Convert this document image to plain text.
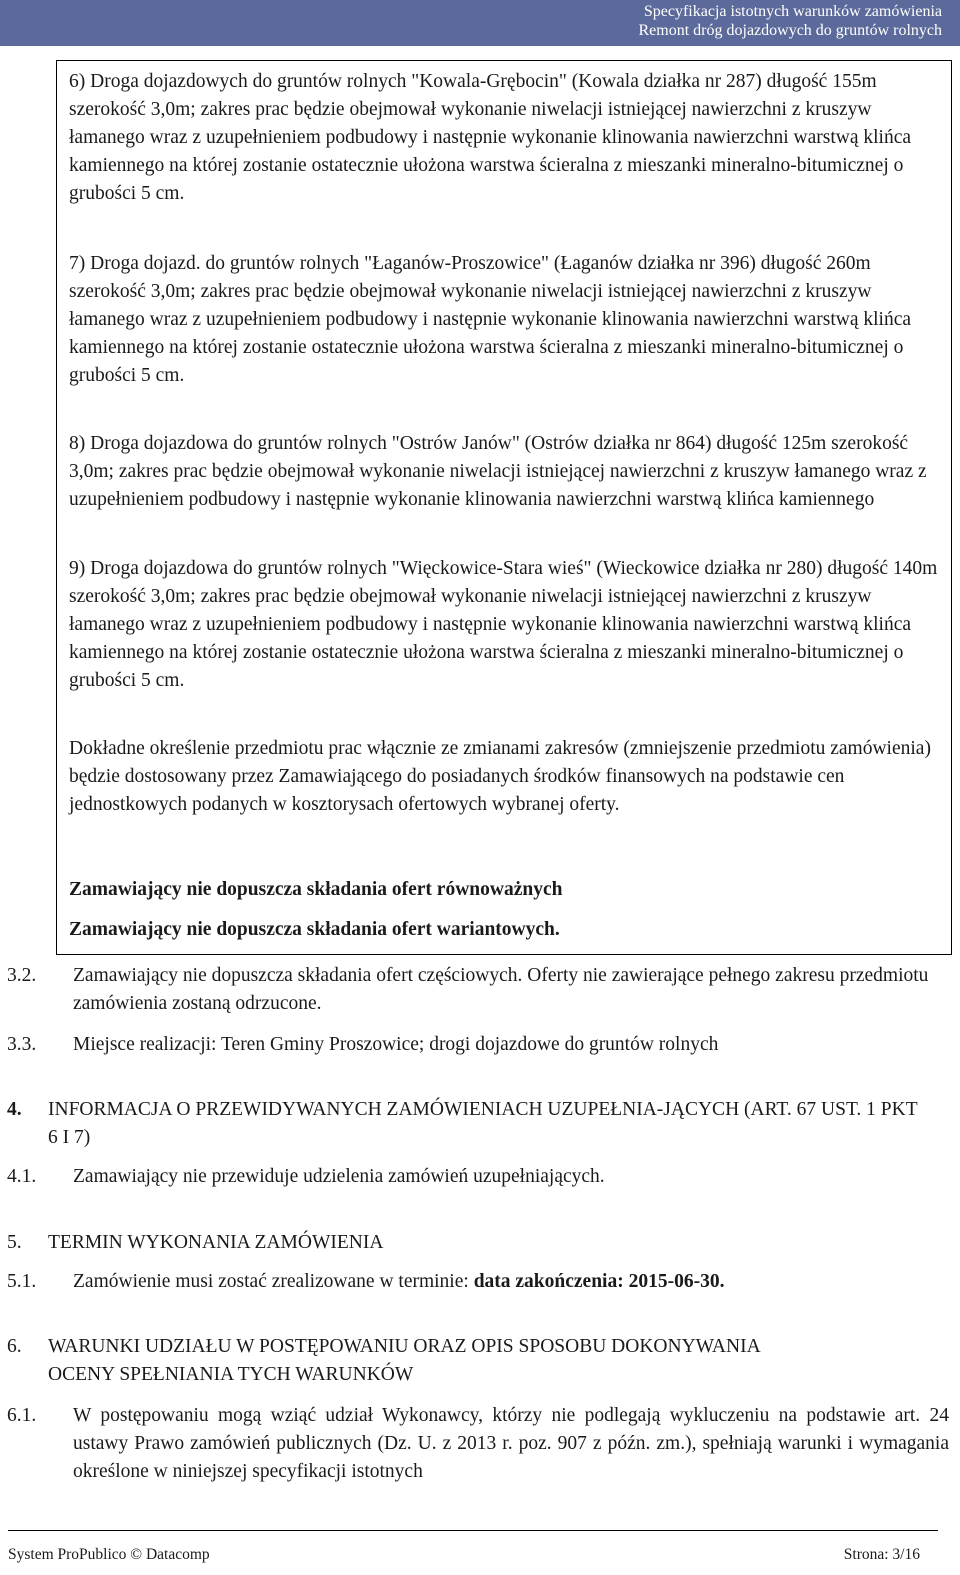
Specyfikacja istotnych warunków zamówienia
Remont dróg dojazdowych do gruntów rolnych
6) Droga dojazdowych do gruntów rolnych "Kowala-Grębocin" (Kowala działka nr 287) długość 155m szerokość 3,0m; zakres prac będzie obejmował wykonanie niwelacji istniejącej nawierzchni z kruszyw łamanego wraz z uzupełnieniem podbudowy i następnie wykonanie klinowania nawierzchni warstwą klińca kamiennego na której zostanie ostatecznie ułożona warstwa ścieralna z mieszanki mineralno-bitumicznej o grubości 5 cm.
7) Droga dojazd. do gruntów rolnych "Łaganów-Proszowice" (Łaganów działka nr 396) długość 260m szerokość 3,0m; zakres prac będzie obejmował wykonanie niwelacji istniejącej nawierzchni z kruszyw łamanego wraz z uzupełnieniem podbudowy i następnie wykonanie klinowania nawierzchni warstwą klińca kamiennego na której zostanie ostatecznie ułożona warstwa ścieralna z mieszanki mineralno-bitumicznej o grubości 5 cm.
8) Droga dojazdowa do gruntów rolnych "Ostrów Janów" (Ostrów działka nr 864) długość 125m szerokość 3,0m; zakres prac będzie obejmował wykonanie niwelacji istniejącej nawierzchni z kruszyw łamanego wraz z uzupełnieniem podbudowy i następnie wykonanie klinowania nawierzchni warstwą klińca kamiennego
9) Droga dojazdowa do gruntów rolnych "Więckowice-Stara wieś" (Wieckowice działka nr 280) długość 140m szerokość 3,0m; zakres prac będzie obejmował wykonanie niwelacji istniejącej nawierzchni z kruszyw łamanego wraz z uzupełnieniem podbudowy i następnie wykonanie klinowania nawierzchni warstwą klińca kamiennego na której zostanie ostatecznie ułożona warstwa ścieralna z mieszanki mineralno-bitumicznej o grubości 5 cm.
Dokładne określenie przedmiotu prac włącznie ze zmianami zakresów (zmniejszenie przedmiotu zamówienia) będzie dostosowany przez Zamawiającego do posiadanych środków finansowych na podstawie cen jednostkowych podanych w kosztorysach ofertowych wybranej oferty.
Zamawiający nie dopuszcza składania ofert równoważnych
Zamawiający nie dopuszcza składania ofert wariantowych.
3.2. Zamawiający nie dopuszcza składania ofert częściowych. Oferty nie zawierające pełnego zakresu przedmiotu zamówienia zostaną odrzucone.
3.3. Miejsce realizacji: Teren Gminy Proszowice; drogi dojazdowe do gruntów rolnych
4. INFORMACJA O PRZEWIDYWANYCH ZAMÓWIENIACH UZUPEŁNIA-JĄCYCH (ART. 67 UST. 1 PKT 6 I 7)
4.1. Zamawiający nie przewiduje udzielenia zamówień uzupełniających.
5. TERMIN WYKONANIA ZAMÓWIENIA
5.1. Zamówienie musi zostać zrealizowane w terminie: data zakończenia: 2015-06-30.
6. WARUNKI UDZIAŁU W POSTĘPOWANIU ORAZ OPIS SPOSOBU DOKONYWANIA OCENY SPEŁNIANIA TYCH WARUNKÓW
6.1. W postępowaniu mogą wziąć udział Wykonawcy, którzy nie podlegają wykluczeniu na podstawie art. 24 ustawy Prawo zamówień publicznych (Dz. U. z 2013 r. poz. 907 z późn. zm.), spełniają warunki i wymagania określone w niniejszej specyfikacji istotnych
System ProPublico © Datacomp	Strona: 3/16
